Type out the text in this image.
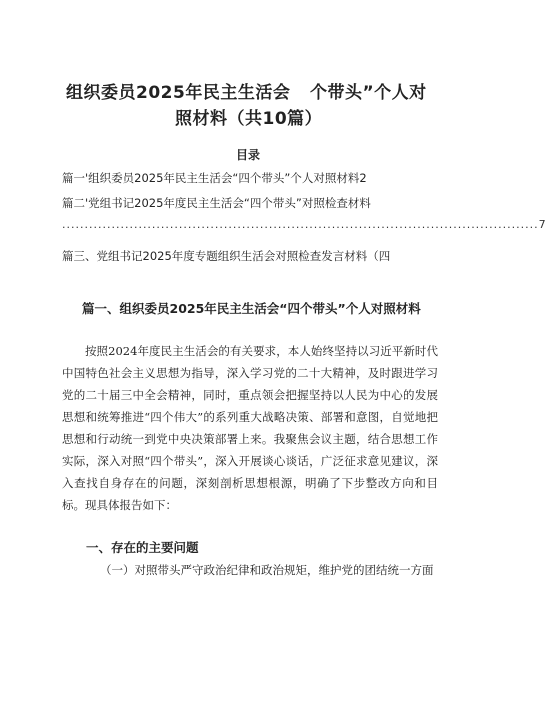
组织委员2025年民主生活会 个带头”个人对
照材料（共10篇）
目录
篇一'组织委员2025年民主生活会“四个带头”个人对照材料2
篇二'党组书记2025年度民主生活会“四个带头”对照检查材料
..........................................................................................................7
篇三、党组书记2025年度专题组织生活会对照检查发言材料（四
篇一、组织委员2025年民主生活会“四个带头”个人对照材料
按照2024年度民主生活会的有关要求，本人始终坚持以习近平新时代中国特色社会主义思想为指导，深入学习党的二十大精神，及时跟进学习党的二十届三中全会精神，同时，重点领会把握坚持以人民为中心的发展思想和统筹推进“四个伟大”的系列重大战略决策、部署和意图，自觉地把思想和行动统一到党中央决策部署上来。我聚焦会议主题，结合思想工作实际，深入对照“四个带头”，深入开展谈心谈话，广泛征求意见建议，深入查找自身存在的问题，深刻剖析思想根源，明确了下步整改方向和目标。现具体报告如下：
一、存在的主要问题
（一）对照带头严守政治纪律和政治规矩，维护党的团结统一方面
